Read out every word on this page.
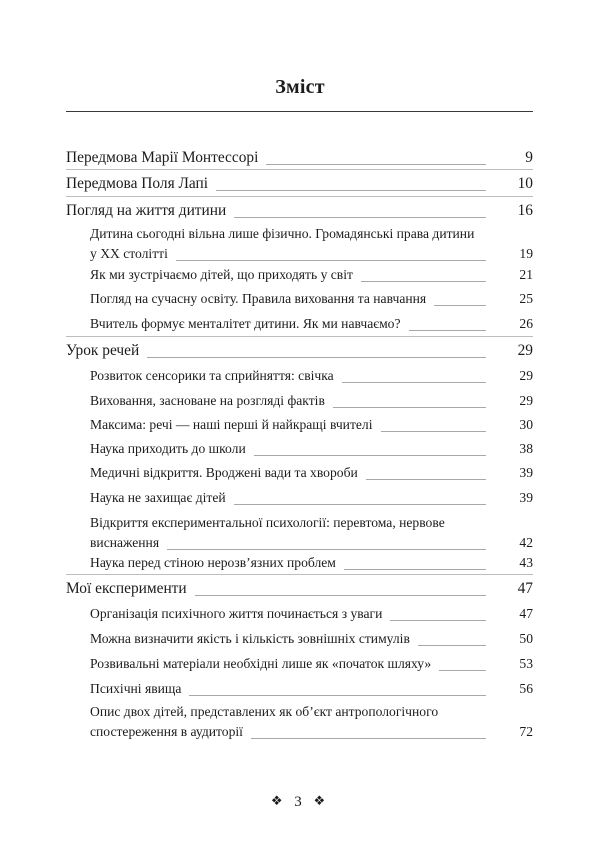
Зміст
Передмова Марії Монтессорі	9
Передмова Поля Лапі	10
Погляд на життя дитини	16
Дитина сьогодні вільна лише фізично. Громадянські права дитини
у ХХ столітті	19
Як ми зустрічаємо дітей, що приходять у світ	21
Погляд на сучасну освіту. Правила виховання та навчання	25
Вчитель формує менталітет дитини. Як ми навчаємо?	26
Урок речей	29
Розвиток сенсорики та сприйняття: свічка	29
Виховання, засноване на розгляді фактів	29
Максима: речі — наші перші й найкращі вчителі	30
Наука приходить до школи	38
Медичні відкриття. Вроджені вади та хвороби	39
Наука не захищає дітей	39
Відкриття експериментальної психології: перевтома, нервове
виснаження	42
Наука перед стіною нерозв’язних проблем	43
Мої експерименти	47
Організація психічного життя починається з уваги	47
Можна визначити якість і кількість зовнішніх стимулів	50
Розвивальні матеріали необхідні лише як «початок шляху»	53
Психічні явища	56
Опис двох дітей, представлених як об’єкт антропологічного
спостереження в аудиторії	72
❖ 3 ❖
